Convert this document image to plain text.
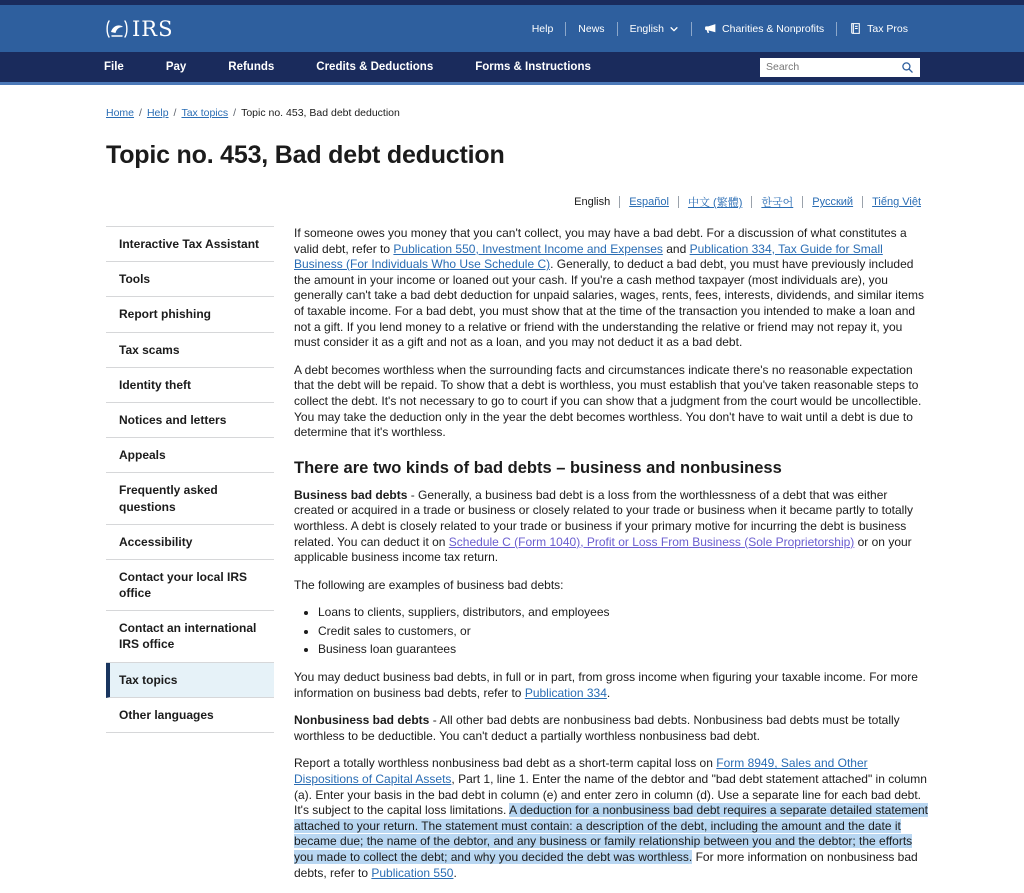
IRS	Help News English	Charities & Nonprofits	Tax Pros
File	Pay	Refunds	Credits & Deductions	Forms & Instructions
Search
Home / Help / Tax topics / Topic no. 453, Bad debt deduction
Topic no. 453, Bad debt deduction
English	Español	中文 (繁體)	한국어	Русский	Tiếng Việt
Interactive Tax Assistant
Tools
Report phishing
Tax scams
Identity theft
Notices and letters
Appeals
Frequently asked questions
Accessibility
Contact your local IRS office
Contact an international IRS office
Tax topics
Other languages

If someone owes you money that you can't collect, you may have a bad debt. For a discussion of what constitutes a valid debt, refer to Publication 550, Investment Income and Expenses and Publication 334, Tax Guide for Small Business (For Individuals Who Use Schedule C). Generally, to deduct a bad debt, you must have previously included the amount in your income or loaned out your cash. If you're a cash method taxpayer (most individuals are), you generally can't take a bad debt deduction for unpaid salaries, wages, rents, fees, interests, dividends, and similar items of taxable income. For a bad debt, you must show that at the time of the transaction you intended to make a loan and not a gift. If you lend money to a relative or friend with the understanding the relative or friend may not repay it, you must consider it as a gift and not as a loan, and you may not deduct it as a bad debt.

A debt becomes worthless when the surrounding facts and circumstances indicate there's no reasonable expectation that the debt will be repaid. To show that a debt is worthless, you must establish that you've taken reasonable steps to collect the debt. It's not necessary to go to court if you can show that a judgment from the court would be uncollectible. You may take the deduction only in the year the debt becomes worthless. You don't have to wait until a debt is due to determine that it's worthless.

There are two kinds of bad debts – business and nonbusiness

Business bad debts - Generally, a business bad debt is a loss from the worthlessness of a debt that was either created or acquired in a trade or business or closely related to your trade or business when it became partly to totally worthless. A debt is closely related to your trade or business if your primary motive for incurring the debt is business related. You can deduct it on Schedule C (Form 1040), Profit or Loss From Business (Sole Proprietorship) or on your applicable business income tax return.

The following are examples of business bad debts:

• Loans to clients, suppliers, distributors, and employees
• Credit sales to customers, or
• Business loan guarantees

You may deduct business bad debts, in full or in part, from gross income when figuring your taxable income. For more information on business bad debts, refer to Publication 334.

Nonbusiness bad debts - All other bad debts are nonbusiness bad debts. Nonbusiness bad debts must be totally worthless to be deductible. You can't deduct a partially worthless nonbusiness bad debt.

Report a totally worthless nonbusiness bad debt as a short-term capital loss on Form 8949, Sales and Other Dispositions of Capital Assets, Part 1, line 1. Enter the name of the debtor and "bad debt statement attached" in column (a). Enter your basis in the bad debt in column (e) and enter zero in column (d). Use a separate line for each bad debt. It's subject to the capital loss limitations. A deduction for a nonbusiness bad debt requires a separate detailed statement attached to your return. The statement must contain: a description of the debt, including the amount and the date it became due; the name of the debtor, and any business or family relationship between you and the debtor; the efforts you made to collect the debt; and why you decided the debt was worthless. For more information on nonbusiness bad debts, refer to Publication 550.
